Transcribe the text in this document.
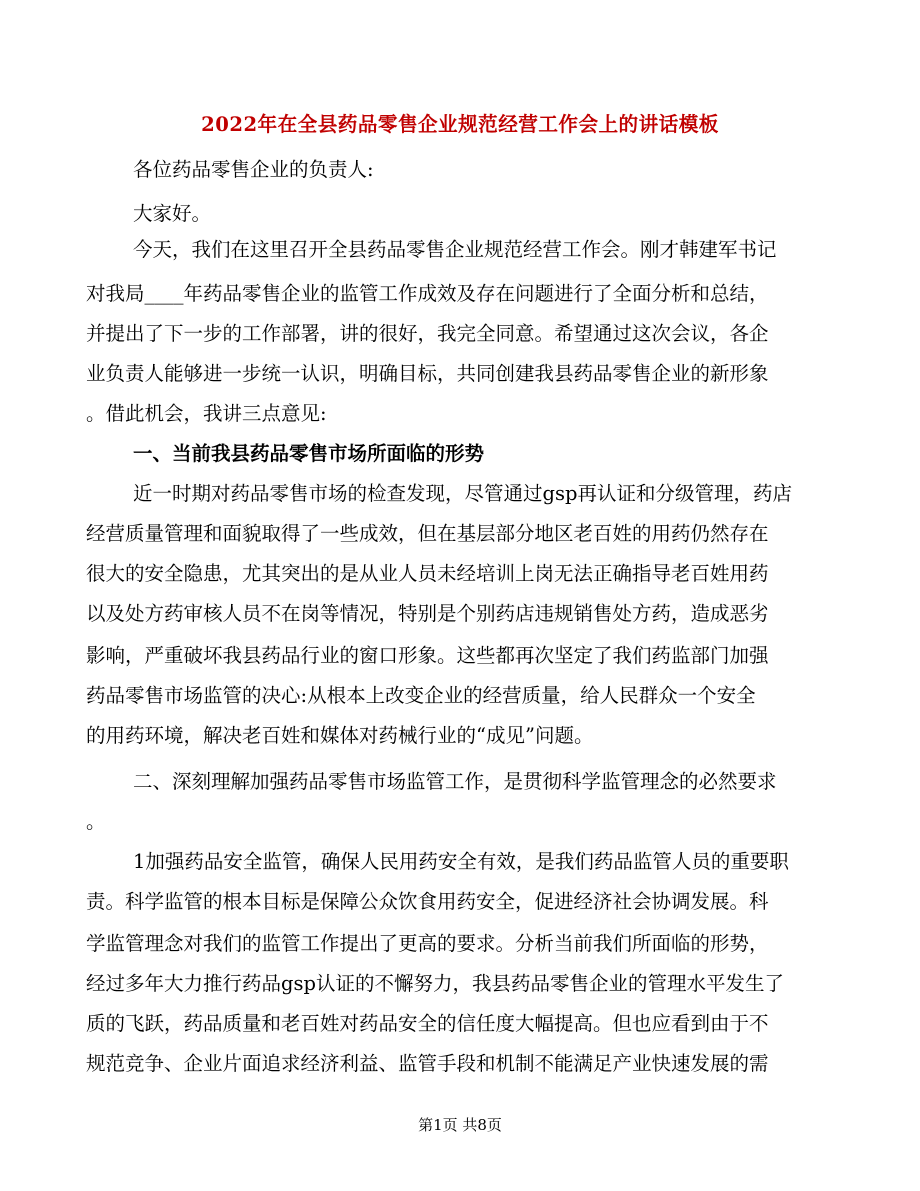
2022年在全县药品零售企业规范经营工作会上的讲话模板
各位药品零售企业的负责人:
大家好。
今天，我们在这里召开全县药品零售企业规范经营工作会。刚才韩建军书记
对我局____年药品零售企业的监管工作成效及存在问题进行了全面分析和总结，
并提出了下一步的工作部署，讲的很好，我完全同意。希望通过这次会议，各企
业负责人能够进一步统一认识，明确目标，共同创建我县药品零售企业的新形象
。借此机会，我讲三点意见:
一、当前我县药品零售市场所面临的形势
近一时期对药品零售市场的检查发现，尽管通过gsp再认证和分级管理，药店
经营质量管理和面貌取得了一些成效，但在基层部分地区老百姓的用药仍然存在
很大的安全隐患，尤其突出的是从业人员未经培训上岗无法正确指导老百姓用药
以及处方药审核人员不在岗等情况，特别是个别药店违规销售处方药，造成恶劣
影响，严重破坏我县药品行业的窗口形象。这些都再次坚定了我们药监部门加强
药品零售市场监管的决心:从根本上改变企业的经营质量，给人民群众一个安全
的用药环境，解决老百姓和媒体对药械行业的“成见”问题。
二、深刻理解加强药品零售市场监管工作，是贯彻科学监管理念的必然要求
。
1加强药品安全监管，确保人民用药安全有效，是我们药品监管人员的重要职
责。科学监管的根本目标是保障公众饮食用药安全，促进经济社会协调发展。科
学监管理念对我们的监管工作提出了更高的要求。分析当前我们所面临的形势，
经过多年大力推行药品gsp认证的不懈努力，我县药品零售企业的管理水平发生了
质的飞跃，药品质量和老百姓对药品安全的信任度大幅提高。但也应看到由于不
规范竞争、企业片面追求经济利益、监管手段和机制不能满足产业快速发展的需
第1页 共8页
